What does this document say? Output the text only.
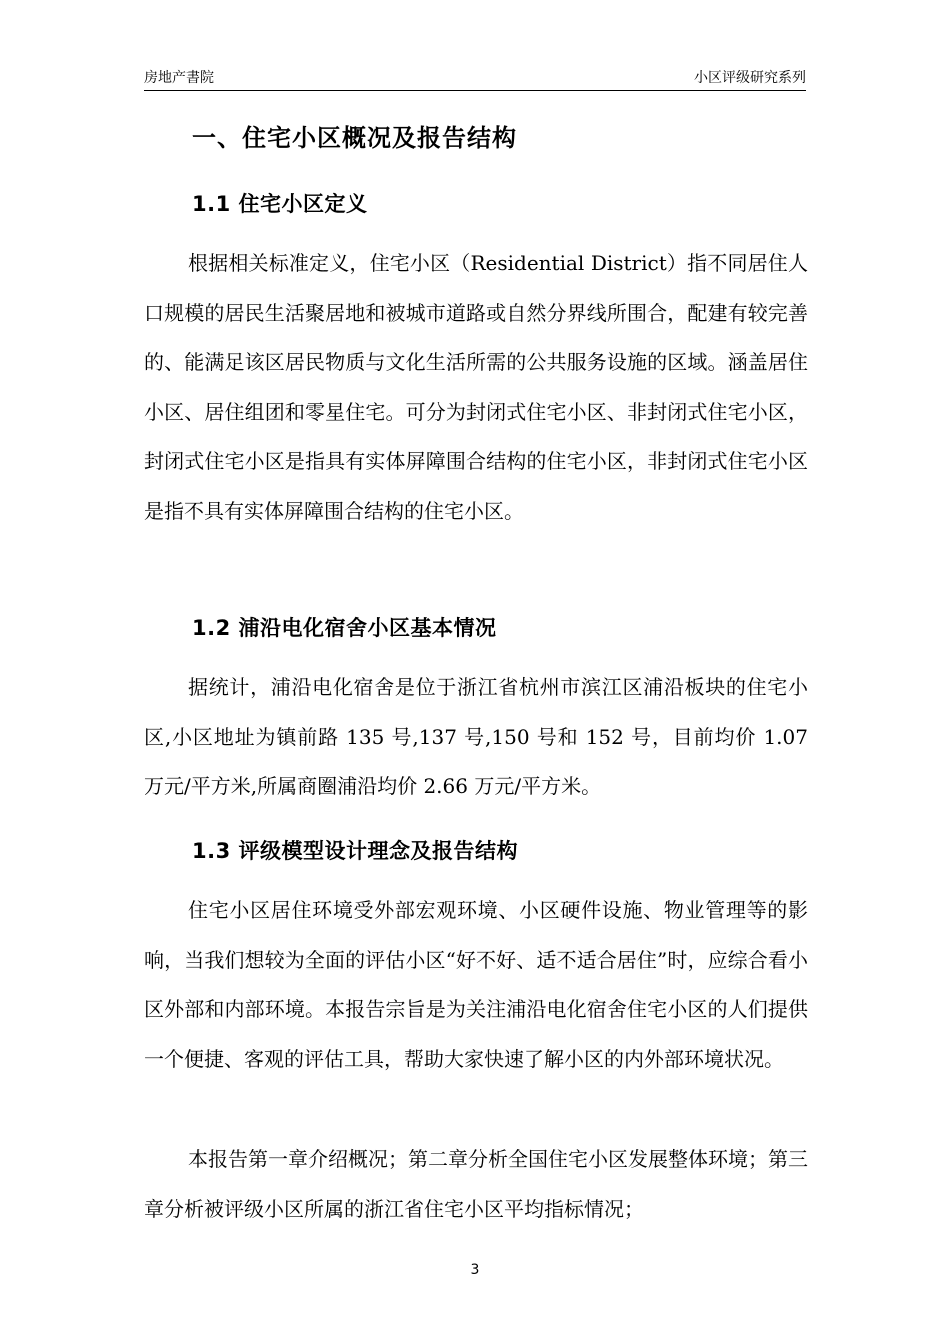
房地产書院	小区评级研究系列
一、住宅小区概况及报告结构
1.1 住宅小区定义

根据相关标准定义，住宅小区（Residential District）指不同居住人口规模的居民生活聚居地和被城市道路或自然分界线所围合，配建有较完善的、能满足该区居民物质与文化生活所需的公共服务设施的区域。涵盖居住小区、居住组团和零星住宅。可分为封闭式住宅小区、非封闭式住宅小区，封闭式住宅小区是指具有实体屏障围合结构的住宅小区，非封闭式住宅小区是指不具有实体屏障围合结构的住宅小区。

1.2 浦沿电化宿舍小区基本情况

据统计，浦沿电化宿舍是位于浙江省杭州市滨江区浦沿板块的住宅小区,小区地址为镇前路 135 号,137 号,150 号和 152 号，目前均价 1.07 万元/平方米,所属商圈浦沿均价 2.66 万元/平方米。

1.3 评级模型设计理念及报告结构

住宅小区居住环境受外部宏观环境、小区硬件设施、物业管理等的影响，当我们想较为全面的评估小区“好不好、适不适合居住”时，应综合看小区外部和内部环境。本报告宗旨是为关注浦沿电化宿舍住宅小区的人们提供一个便捷、客观的评估工具，帮助大家快速了解小区的内外部环境状况。

本报告第一章介绍概况；第二章分析全国住宅小区发展整体环境；第三章分析被评级小区所属的浙江省住宅小区平均指标情况；

3
